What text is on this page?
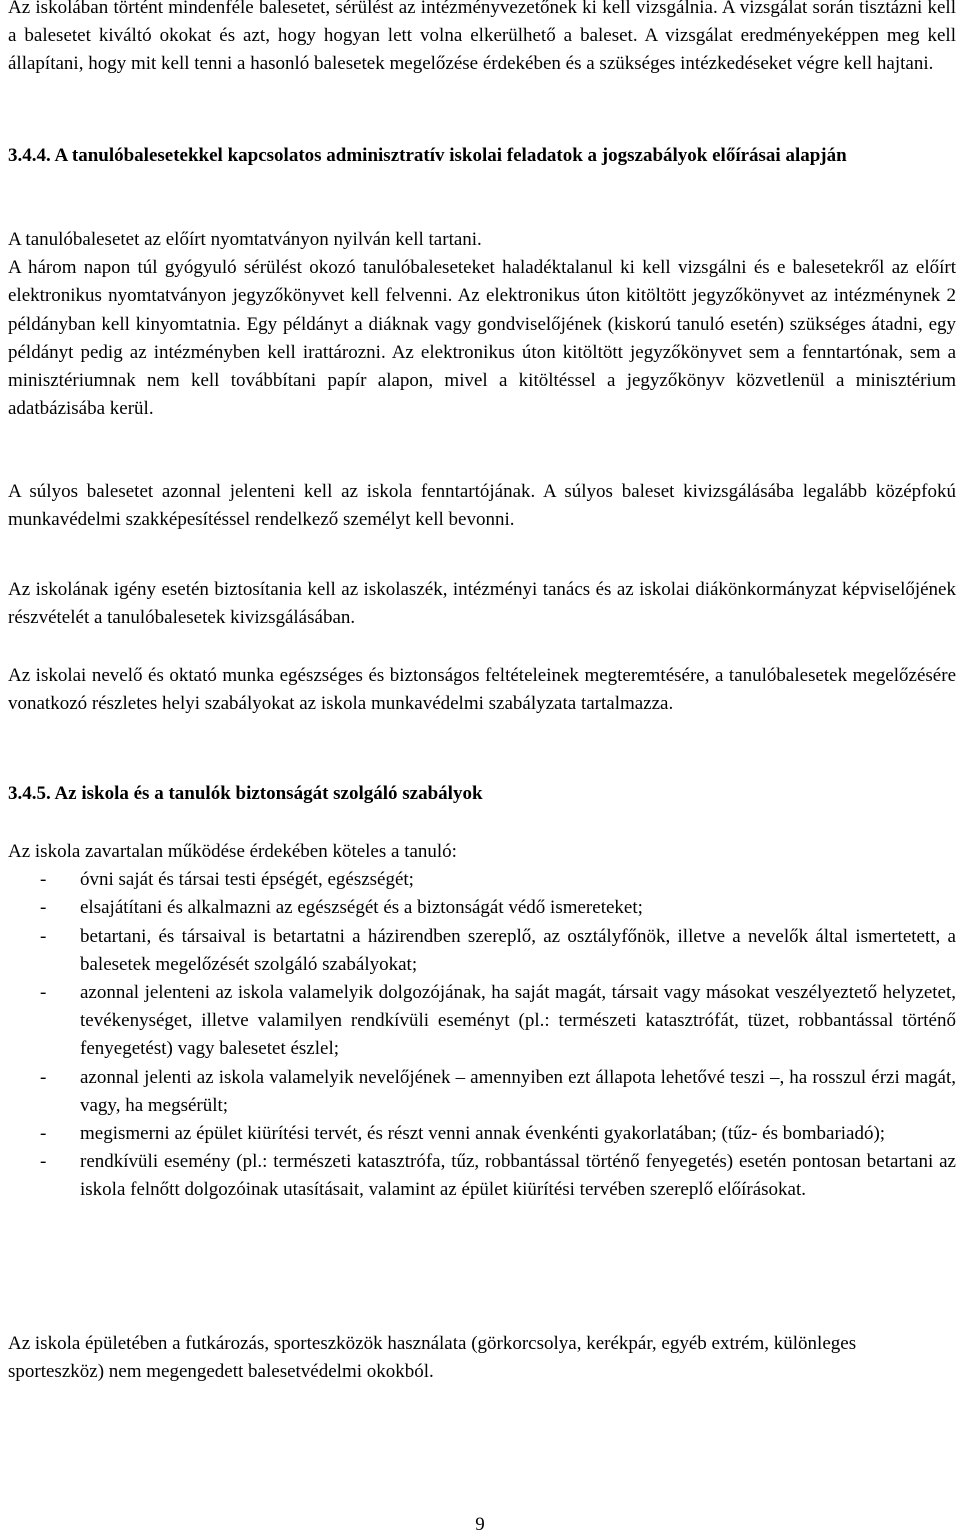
Az iskolában történt mindenféle balesetet, sérülést az intézményvezetőnek ki kell vizsgálnia. A vizsgálat során tisztázni kell a balesetet kiváltó okokat és azt, hogy hogyan lett volna elkerülhető a baleset. A vizsgálat eredményeképpen meg kell állapítani, hogy mit kell tenni a hasonló balesetek megelőzése érdekében és a szükséges intézkedéseket végre kell hajtani.

3.4.4. A tanulóbalesetekkel kapcsolatos adminisztratív iskolai feladatok a jogszabályok előírásai alapján

A tanulóbalesetet az előírt nyomtatványon nyilván kell tartani.

A három napon túl gyógyuló sérülést okozó tanulóbaleseteket haladéktalanul ki kell vizsgálni és e balesetekről az előírt elektronikus nyomtatványon jegyzőkönyvet kell felvenni. Az elektronikus úton kitöltött jegyzőkönyvet az intézménynek 2 példányban kell kinyomtatnia. Egy példányt a diáknak vagy gondviselőjének (kiskorú tanuló esetén) szükséges átadni, egy példányt pedig az intézményben kell irattározni. Az elektronikus úton kitöltött jegyzőkönyvet sem a fenntartónak, sem a minisztériumnak nem kell továbbítani papír alapon, mivel a kitöltéssel a jegyzőkönyv közvetlenül a minisztérium adatbázisába kerül.

A súlyos balesetet azonnal jelenteni kell az iskola fenntartójának. A súlyos baleset kivizsgálásába legalább középfokú munkavédelmi szakképesítéssel rendelkező személyt kell bevonni.

Az iskolának igény esetén biztosítania kell az iskolaszék, intézményi tanács és az iskolai diákönkormányzat képviselőjének részvételét a tanulóbalesetek kivizsgálásában.

Az iskolai nevelő és oktató munka egészséges és biztonságos feltételeinek megteremtésére, a tanulóbalesetek megelőzésére vonatkozó részletes helyi szabályokat az iskola munkavédelmi szabályzata tartalmazza.

3.4.5. Az iskola és a tanulók biztonságát szolgáló szabályok

Az iskola zavartalan működése érdekében köteles a tanuló:

- óvni saját és társai testi épségét, egészségét;

- elsajátítani és alkalmazni az egészségét és a biztonságát védő ismereteket;

- betartani, és társaival is betartatni a házirendben szereplő, az osztályfőnök, illetve a nevelők által ismertetett, a balesetek megelőzését szolgáló szabályokat;

- azonnal jelenteni az iskola valamelyik dolgozójának, ha saját magát, társait vagy másokat veszélyeztető helyzetet, tevékenységet, illetve valamilyen rendkívüli eseményt (pl.: természeti katasztrófát, tüzet, robbantással történő fenyegetést) vagy balesetet észlel;

- azonnal jelenti az iskola valamelyik nevelőjének – amennyiben ezt állapota lehetővé teszi –, ha rosszul érzi magát, vagy, ha megsérült;

- megismerni az épület kiürítési tervét, és részt venni annak évenkénti gyakorlatában; (tűz- és bombariadó);

- rendkívüli esemény (pl.: természeti katasztrófa, tűz, robbantással történő fenyegetés) esetén pontosan betartani az iskola felnőtt dolgozóinak utasításait, valamint az épület kiürítési tervében szereplő előírásokat.

Az iskola épületében a futkározás, sporteszközök használata (görkorcsolya, kerékpár, egyéb extrém, különleges sporteszköz) nem megengedett balesetvédelmi okokból.

9
